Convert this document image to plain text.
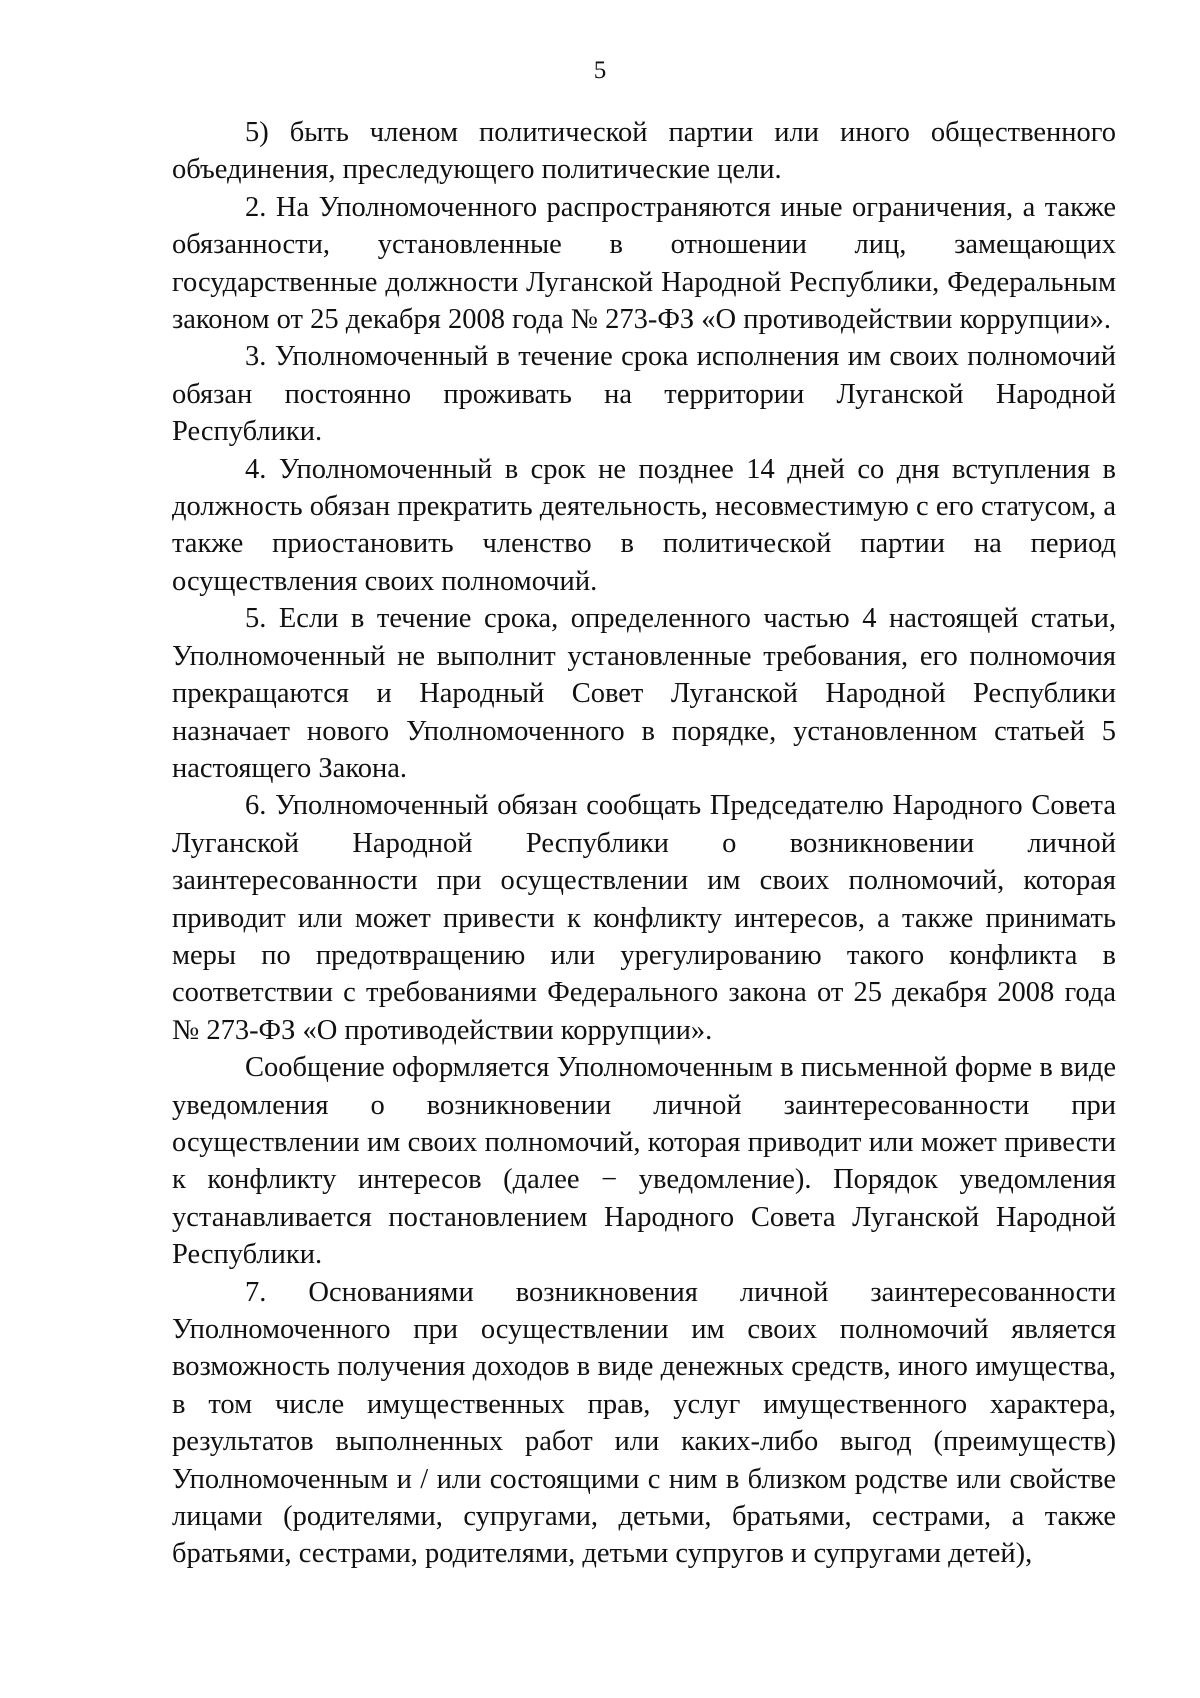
5

5) быть членом политической партии или иного общественного объединения, преследующего политические цели.

2. На Уполномоченного распространяются иные ограничения, а также обязанности, установленные в отношении лиц, замещающих государственные должности Луганской Народной Республики, Федеральным законом от 25 декабря 2008 года № 273-ФЗ «О противодействии коррупции».

3. Уполномоченный в течение срока исполнения им своих полномочий обязан постоянно проживать на территории Луганской Народной Республики.

4. Уполномоченный в срок не позднее 14 дней со дня вступления в должность обязан прекратить деятельность, несовместимую с его статусом, а также приостановить членство в политической партии на период осуществления своих полномочий.

5. Если в течение срока, определенного частью 4 настоящей статьи, Уполномоченный не выполнит установленные требования, его полномочия прекращаются и Народный Совет Луганской Народной Республики назначает нового Уполномоченного в порядке, установленном статьей 5 настоящего Закона.

6. Уполномоченный обязан сообщать Председателю Народного Совета Луганской Народной Республики о возникновении личной заинтересованности при осуществлении им своих полномочий, которая приводит или может привести к конфликту интересов, а также принимать меры по предотвращению или урегулированию такого конфликта в соответствии с требованиями Федерального закона от 25 декабря 2008 года № 273-ФЗ «О противодействии коррупции».

Сообщение оформляется Уполномоченным в письменной форме в виде уведомления о возникновении личной заинтересованности при осуществлении им своих полномочий, которая приводит или может привести к конфликту интересов (далее − уведомление). Порядок уведомления устанавливается постановлением Народного Совета Луганской Народной Республики.

7. Основаниями возникновения личной заинтересованности Уполномоченного при осуществлении им своих полномочий является возможность получения доходов в виде денежных средств, иного имущества, в том числе имущественных прав, услуг имущественного характера, результатов выполненных работ или каких-либо выгод (преимуществ) Уполномоченным и / или состоящими с ним в близком родстве или свойстве лицами (родителями, супругами, детьми, братьями, сестрами, а также братьями, сестрами, родителями, детьми супругов и супругами детей),
